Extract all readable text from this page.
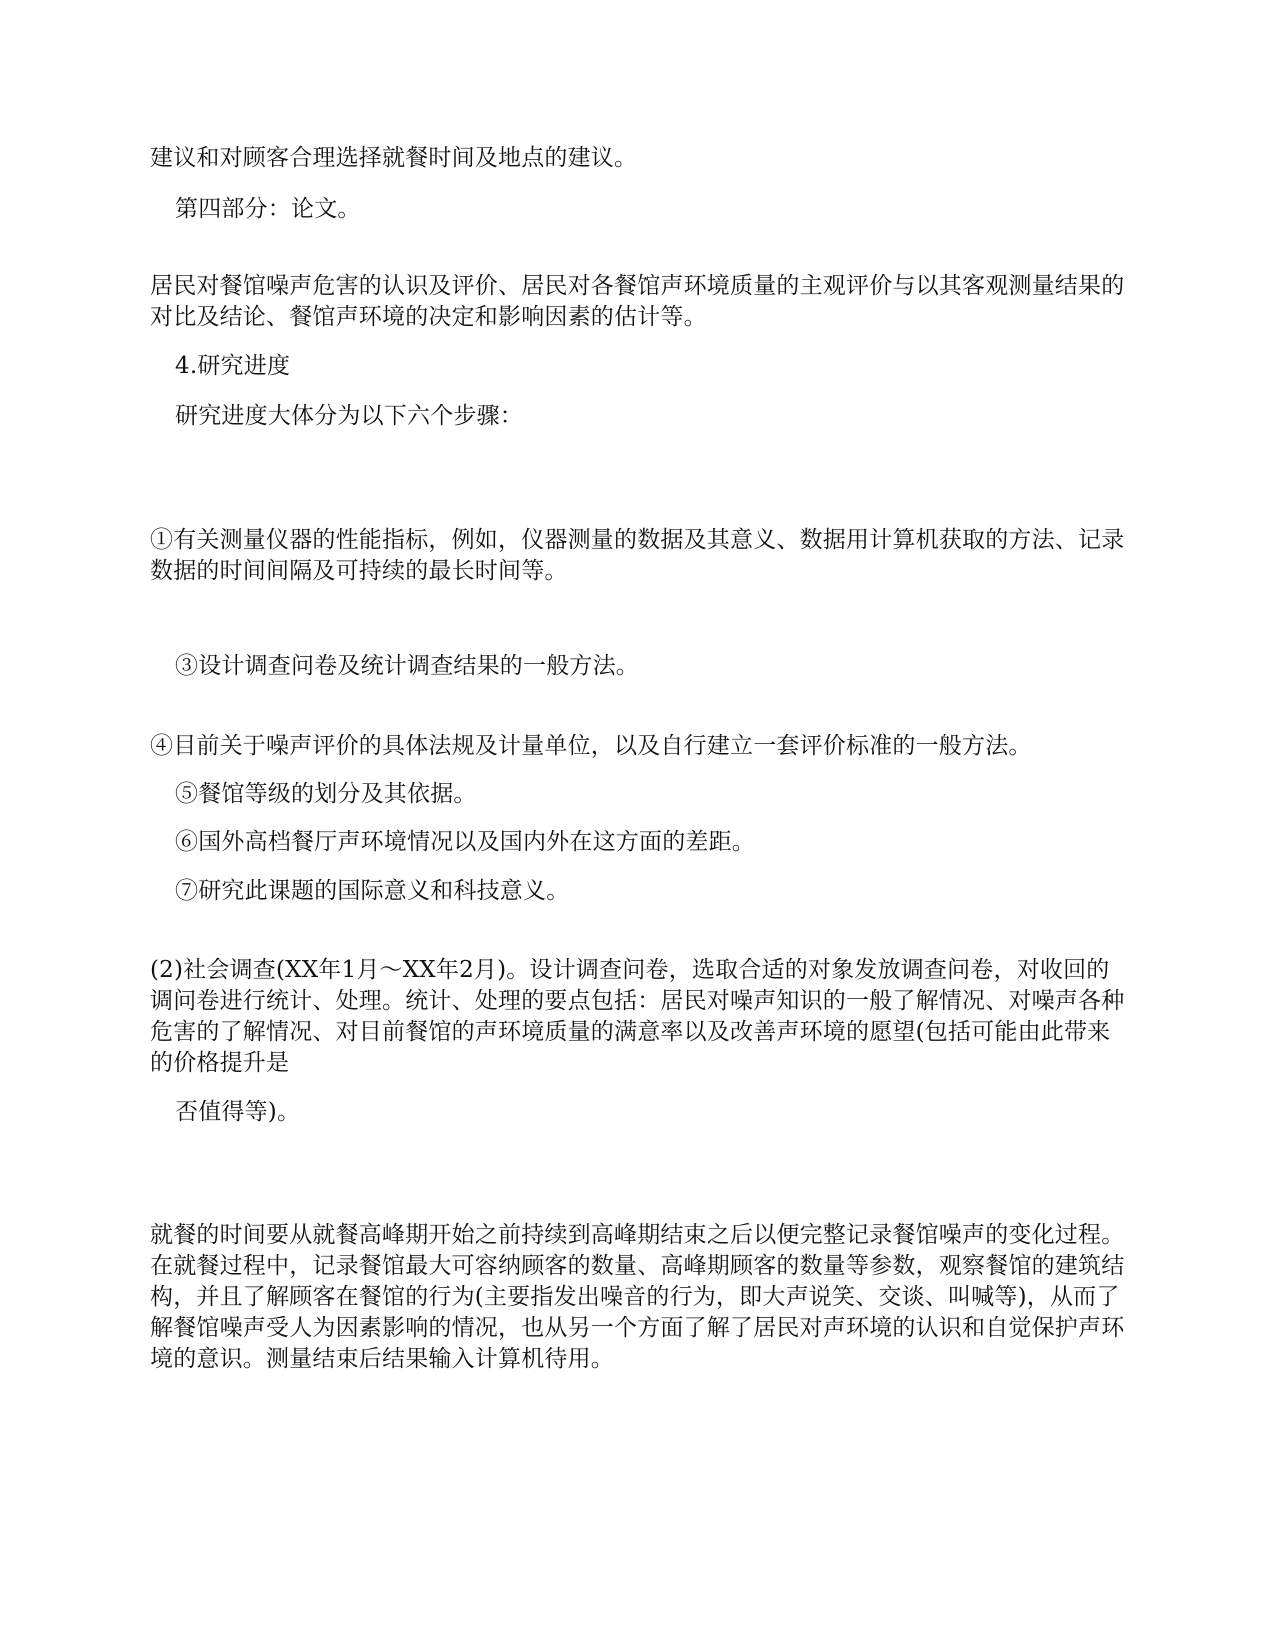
建议和对顾客合理选择就餐时间及地点的建议。
第四部分：论文。
居民对餐馆噪声危害的认识及评价、居民对各餐馆声环境质量的主观评价与以其客观测量结果的对比及结论、餐馆声环境的决定和影响因素的估计等。
4.研究进度
研究进度大体分为以下六个步骤：
①有关测量仪器的性能指标，例如，仪器测量的数据及其意义、数据用计算机获取的方法、记录数据的时间间隔及可持续的最长时间等。
③设计调查问卷及统计调查结果的一般方法。
④目前关于噪声评价的具体法规及计量单位，以及自行建立一套评价标准的一般方法。
⑤餐馆等级的划分及其依据。
⑥国外高档餐厅声环境情况以及国内外在这方面的差距。
⑦研究此课题的国际意义和科技意义。
(2)社会调查(XX年1月～XX年2月)。设计调查问卷，选取合适的对象发放调查问卷，对收回的调问卷进行统计、处理。统计、处理的要点包括：居民对噪声知识的一般了解情况、对噪声各种危害的了解情况、对目前餐馆的声环境质量的满意率以及改善声环境的愿望(包括可能由此带来的价格提升是
否值得等)。
就餐的时间要从就餐高峰期开始之前持续到高峰期结束之后以便完整记录餐馆噪声的变化过程。在就餐过程中，记录餐馆最大可容纳顾客的数量、高峰期顾客的数量等参数，观察餐馆的建筑结构，并且了解顾客在餐馆的行为(主要指发出噪音的行为，即大声说笑、交谈、叫喊等)，从而了解餐馆噪声受人为因素影响的情况，也从另一个方面了解了居民对声环境的认识和自觉保护声环境的意识。测量结束后结果输入计算机待用。
